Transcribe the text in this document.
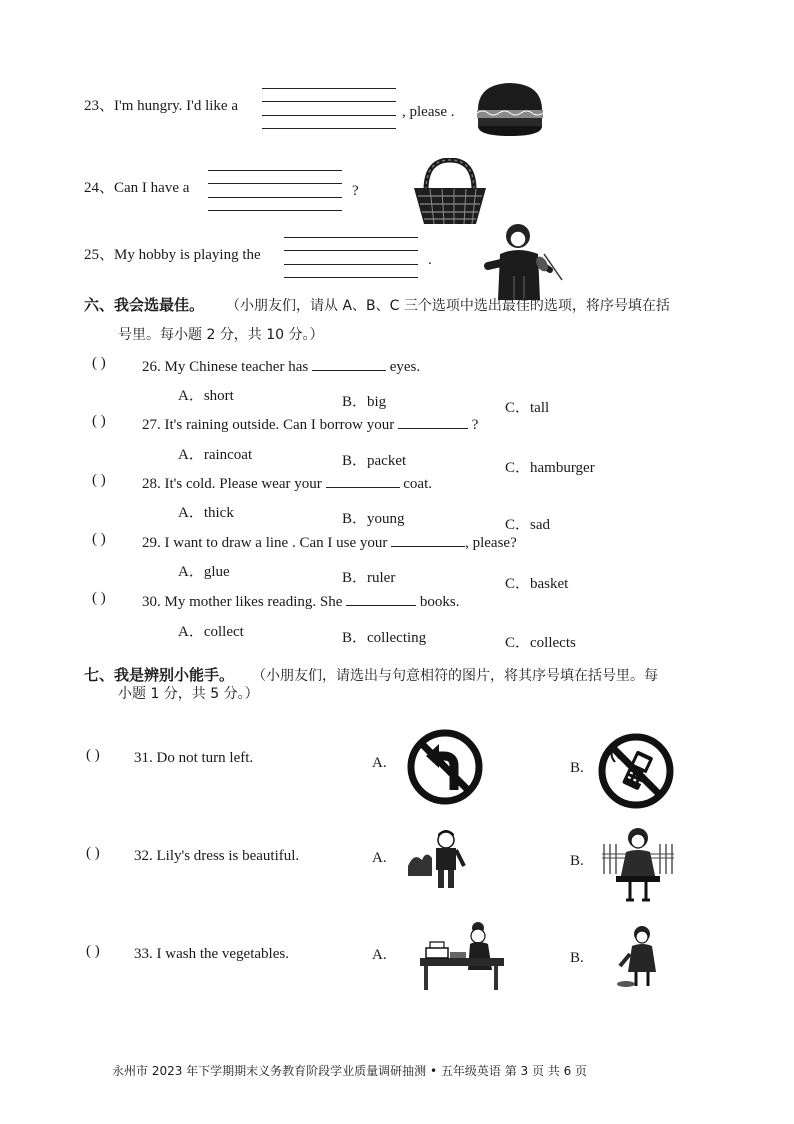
23、I'm hungry. I'd like a	, please .
24、Can I have a	?
25、My hobby is playing the	.
六、我会选最佳。 （小朋友们，请从 A、B、C 三个选项中选出最佳的选项，将序号填在括
号里。每小题 2 分，共 10 分。）
( ) 26. My Chinese teacher has	eyes.
A．short	B．big	C．tall
( ) 27. It's raining outside. Can I borrow your	?
A．raincoat	B．packet	C．hamburger
( ) 28. It's cold. Please wear your	coat.
A．thick	B．young	C．sad
( ) 29. I want to draw a line . Can I use your	, please?
A．glue	B．ruler	C．basket
( ) 30. My mother likes reading. She	books.
A．collect	B．collecting	C．collects
七、我是辨别小能手。 （小朋友们，请选出与句意相符的图片，将其序号填在括号里。每
小题 1 分，共 5 分。）
( ) 31. Do not turn left.	A.	B.
( ) 32. Lily's dress is beautiful.	A.	B.
( ) 33. I wash the vegetables.	A.	B.
永州市 2023 年下学期期末义务教育阶段学业质量调研抽测 • 五年级英语 第 3 页 共 6 页
